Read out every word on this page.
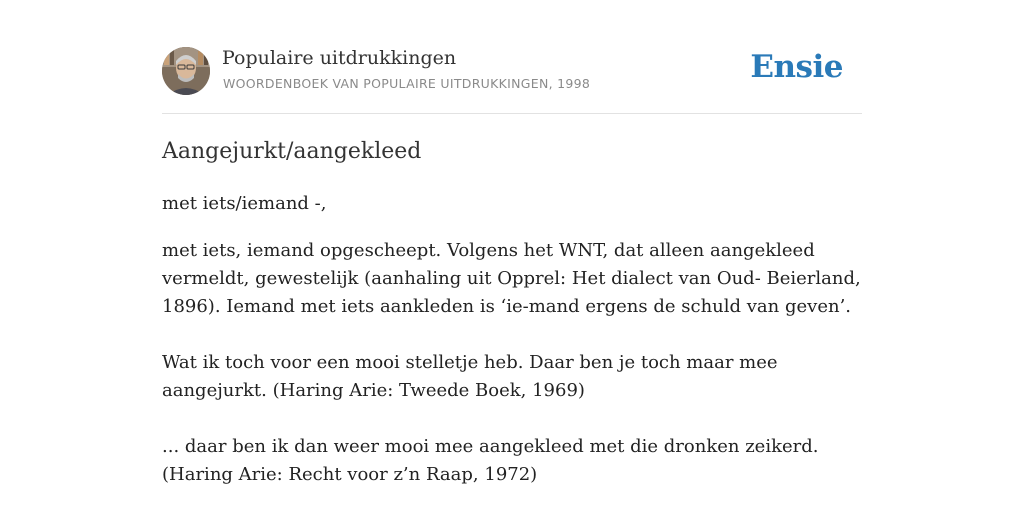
Populaire uitdrukkingen
WOORDENBOEK VAN POPULAIRE UITDRUKKINGEN, 1998	Ensie
Aangejurkt/aangekleed

met iets/iemand -,

met iets, iemand opgescheept. Volgens het WNT, dat alleen aangekleed vermeldt, gewestelijk (aanhaling uit Opprel: Het dialect van Oud- Beierland, 1896). Iemand met iets aankleden is ‘ie-mand ergens de schuld van geven’.

Wat ik toch voor een mooi stelletje heb. Daar ben je toch maar mee aangejurkt. (Haring Arie: Tweede Boek, 1969)

... daar ben ik dan weer mooi mee aangekleed met die dronken zeikerd. (Haring Arie: Recht voor z’n Raap, 1972)
